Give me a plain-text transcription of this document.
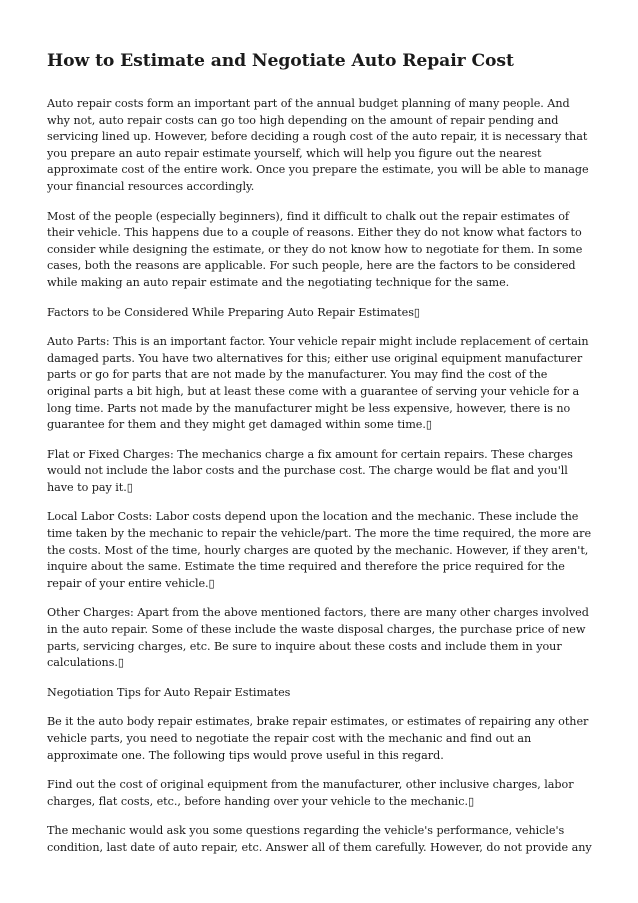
How to Estimate and Negotiate Auto Repair Cost

Auto repair costs form an important part of the annual budget planning of many people. And why not, auto repair costs can go too high depending on the amount of repair pending and servicing lined up. However, before deciding a rough cost of the auto repair, it is necessary that you prepare an auto repair estimate yourself, which will help you figure out the nearest approximate cost of the entire work. Once you prepare the estimate, you will be able to manage your financial resources accordingly.

Most of the people (especially beginners), find it difficult to chalk out the repair estimates of their vehicle. This happens due to a couple of reasons. Either they do not know what factors to consider while designing the estimate, or they do not know how to negotiate for them. In some cases, both the reasons are applicable. For such people, here are the factors to be considered while making an auto repair estimate and the negotiating technique for the same.

Factors to be Considered While Preparing Auto Repair Estimates▯

Auto Parts: This is an important factor. Your vehicle repair might include replacement of certain damaged parts. You have two alternatives for this; either use original equipment manufacturer parts or go for parts that are not made by the manufacturer. You may find the cost of the original parts a bit high, but at least these come with a guarantee of serving your vehicle for a long time. Parts not made by the manufacturer might be less expensive, however, there is no guarantee for them and they might get damaged within some time.▯

Flat or Fixed Charges: The mechanics charge a fix amount for certain repairs. These charges would not include the labor costs and the purchase cost. The charge would be flat and you'll have to pay it.▯

Local Labor Costs: Labor costs depend upon the location and the mechanic. These include the time taken by the mechanic to repair the vehicle/part. The more the time required, the more are the costs. Most of the time, hourly charges are quoted by the mechanic. However, if they aren't, inquire about the same. Estimate the time required and therefore the price required for the repair of your entire vehicle.▯

Other Charges: Apart from the above mentioned factors, there are many other charges involved in the auto repair. Some of these include the waste disposal charges, the purchase price of new parts, servicing charges, etc. Be sure to inquire about these costs and include them in your calculations.▯

Negotiation Tips for Auto Repair Estimates

Be it the auto body repair estimates, brake repair estimates, or estimates of repairing any other vehicle parts, you need to negotiate the repair cost with the mechanic and find out an approximate one. The following tips would prove useful in this regard.

Find out the cost of original equipment from the manufacturer, other inclusive charges, labor charges, flat costs, etc., before handing over your vehicle to the mechanic.▯

The mechanic would ask you some questions regarding the vehicle's performance, vehicle's condition, last date of auto repair, etc. Answer all of them carefully. However, do not provide any
